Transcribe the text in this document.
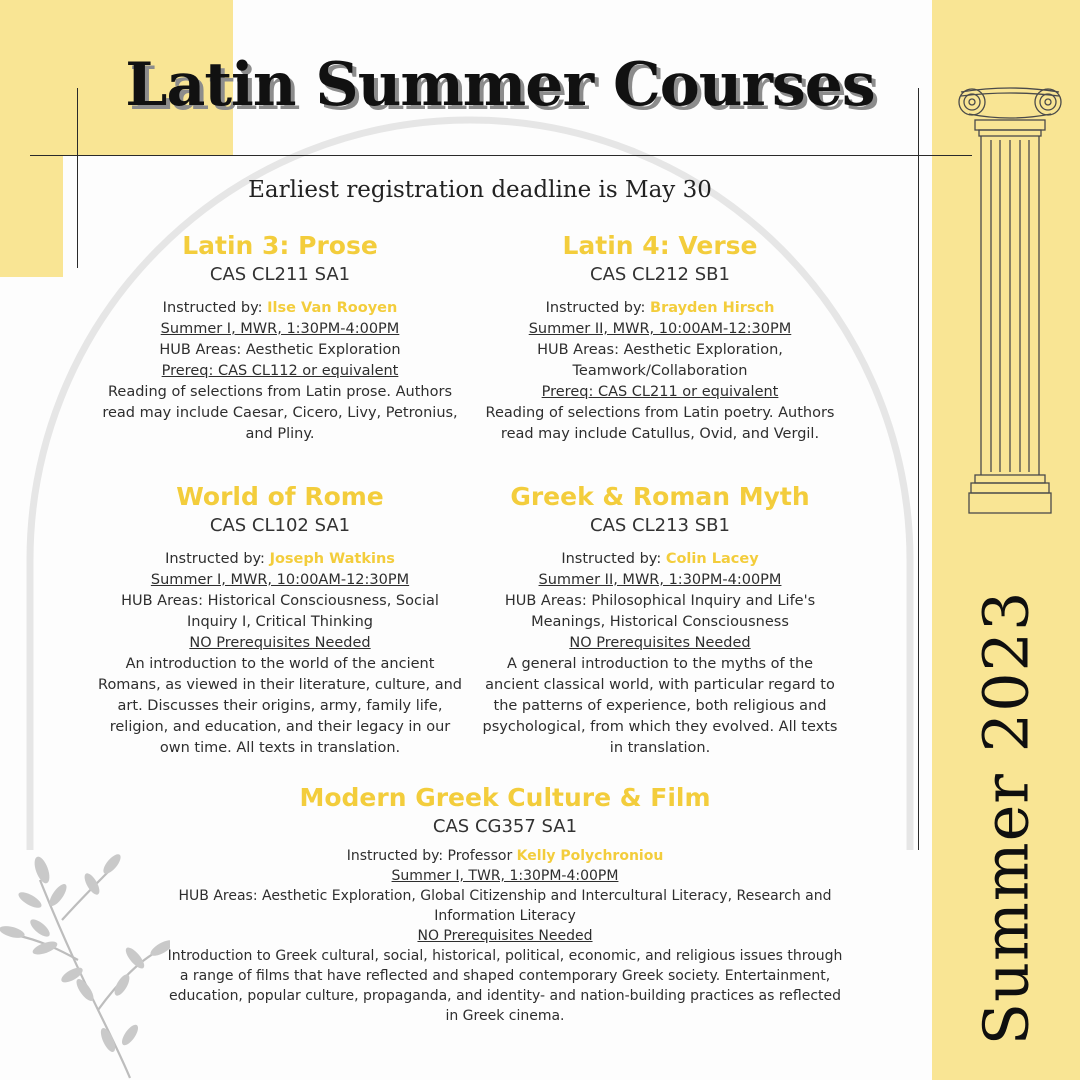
Latin Summer Courses
Earliest registration deadline is May 30
Latin 3: Prose
CAS CL211 SA1
Instructed by: Ilse Van Rooyen
Summer I, MWR, 1:30PM-4:00PM
HUB Areas: Aesthetic Exploration
Prereq: CAS CL112 or equivalent
Reading of selections from Latin prose. Authors read may include Caesar, Cicero, Livy, Petronius, and Pliny.
Latin 4: Verse
CAS CL212 SB1
Instructed by: Brayden Hirsch
Summer II, MWR, 10:00AM-12:30PM
HUB Areas: Aesthetic Exploration, Teamwork/Collaboration
Prereq: CAS CL211 or equivalent
Reading of selections from Latin poetry. Authors read may include Catullus, Ovid, and Vergil.
World of Rome
CAS CL102 SA1
Instructed by: Joseph Watkins
Summer I, MWR, 10:00AM-12:30PM
HUB Areas: Historical Consciousness, Social Inquiry I, Critical Thinking
NO Prerequisites Needed
An introduction to the world of the ancient Romans, as viewed in their literature, culture, and art. Discusses their origins, army, family life, religion, and education, and their legacy in our own time. All texts in translation.
Greek & Roman Myth
CAS CL213 SB1
Instructed by: Colin Lacey
Summer II, MWR, 1:30PM-4:00PM
HUB Areas: Philosophical Inquiry and Life's Meanings, Historical Consciousness
NO Prerequisites Needed
A general introduction to the myths of the ancient classical world, with particular regard to the patterns of experience, both religious and psychological, from which they evolved. All texts in translation.
Modern Greek Culture & Film
CAS CG357 SA1
Instructed by: Professor Kelly Polychroniou
Summer I, TWR, 1:30PM-4:00PM
HUB Areas: Aesthetic Exploration, Global Citizenship and Intercultural Literacy, Research and Information Literacy
NO Prerequisites Needed
Introduction to Greek cultural, social, historical, political, economic, and religious issues through a range of films that have reflected and shaped contemporary Greek society. Entertainment, education, popular culture, propaganda, and identity- and nation-building practices as reflected in Greek cinema.	Summer 2023
